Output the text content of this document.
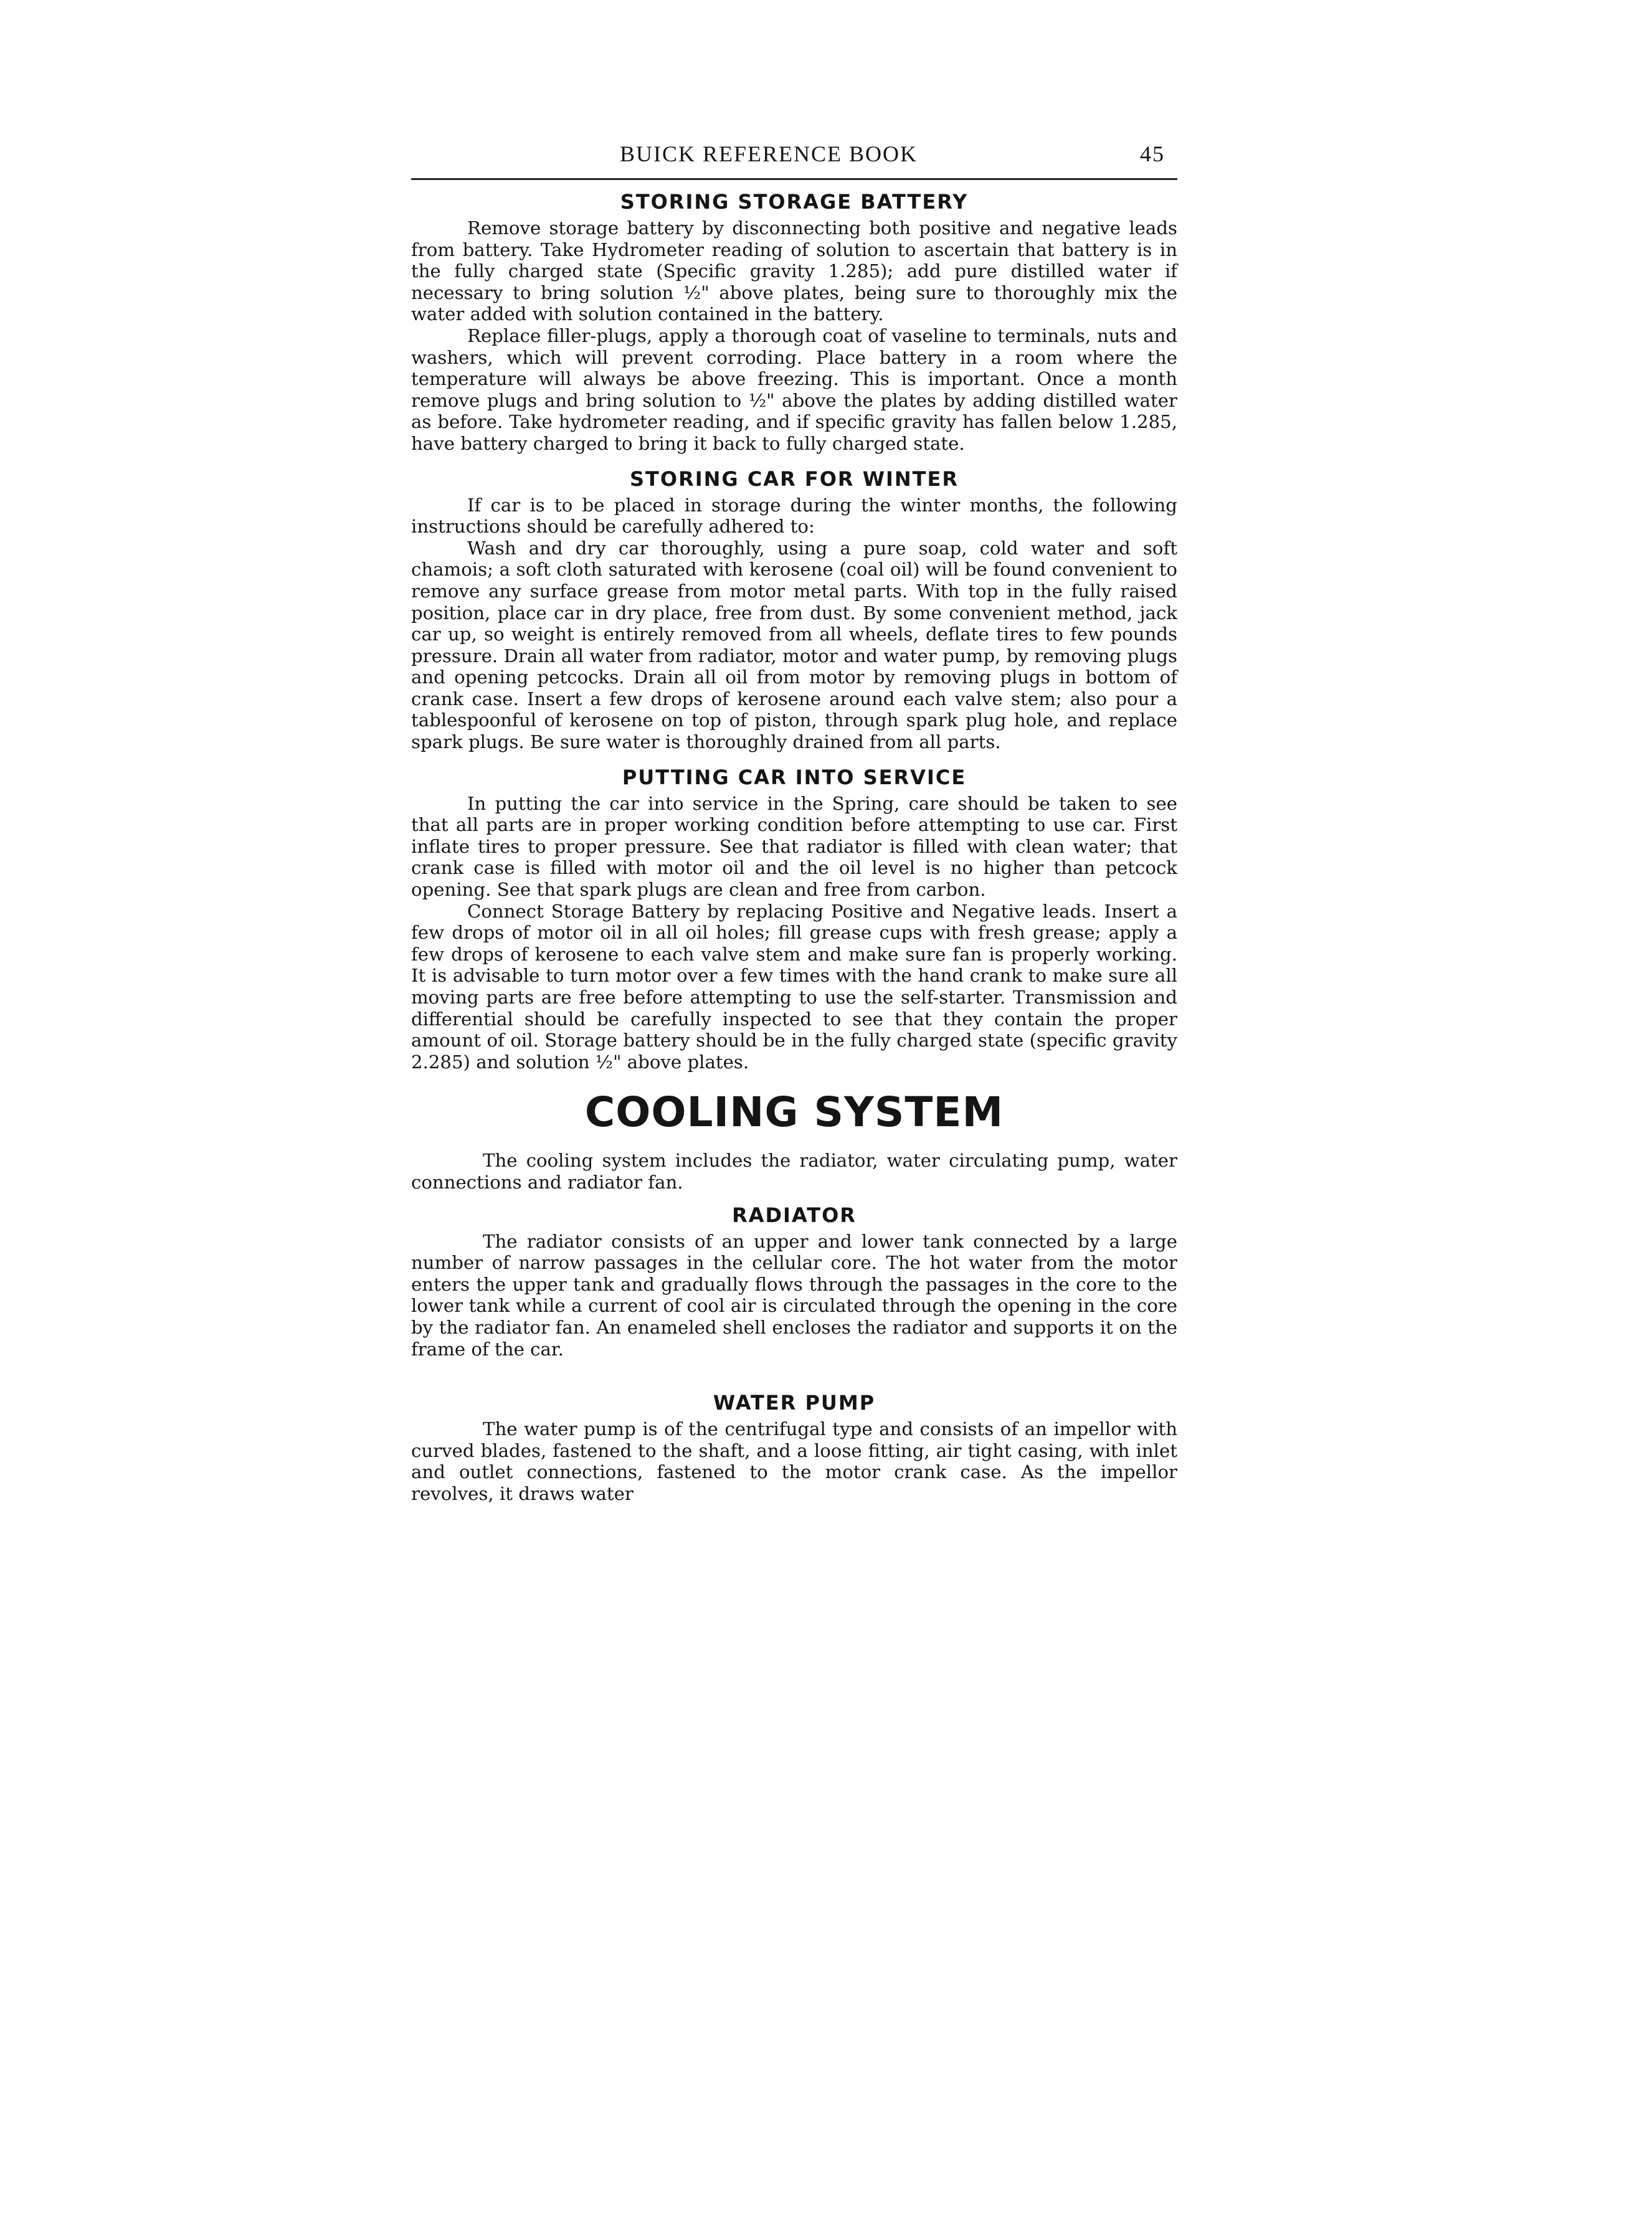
BUICK REFERENCE BOOK	45
STORING STORAGE BATTERY

Remove storage battery by disconnecting both positive and negative leads from battery. Take Hydrometer reading of solution to ascertain that battery is in the fully charged state (Specific gravity 1.285); add pure distilled water if necessary to bring solution ½" above plates, being sure to thoroughly mix the water added with solution contained in the battery.

Replace filler-plugs, apply a thorough coat of vaseline to terminals, nuts and washers, which will prevent corroding. Place battery in a room where the temperature will always be above freezing. This is important. Once a month remove plugs and bring solution to ½" above the plates by adding distilled water as before. Take hydrometer reading, and if specific gravity has fallen below 1.285, have battery charged to bring it back to fully charged state.

STORING CAR FOR WINTER

If car is to be placed in storage during the winter months, the following instructions should be carefully adhered to:

Wash and dry car thoroughly, using a pure soap, cold water and soft chamois; a soft cloth saturated with kerosene (coal oil) will be found convenient to remove any surface grease from motor metal parts. With top in the fully raised position, place car in dry place, free from dust. By some convenient method, jack car up, so weight is entirely removed from all wheels, deflate tires to few pounds pressure. Drain all water from radiator, motor and water pump, by removing plugs and opening petcocks. Drain all oil from motor by removing plugs in bottom of crank case. Insert a few drops of kerosene around each valve stem; also pour a tablespoonful of kerosene on top of piston, through spark plug hole, and replace spark plugs. Be sure water is thoroughly drained from all parts.

PUTTING CAR INTO SERVICE

In putting the car into service in the Spring, care should be taken to see that all parts are in proper working condition before attempting to use car. First inflate tires to proper pressure. See that radiator is filled with clean water; that crank case is filled with motor oil and the oil level is no higher than petcock opening. See that spark plugs are clean and free from carbon.

Connect Storage Battery by replacing Positive and Negative leads. Insert a few drops of motor oil in all oil holes; fill grease cups with fresh grease; apply a few drops of kerosene to each valve stem and make sure fan is properly working. It is advisable to turn motor over a few times with the hand crank to make sure all moving parts are free before attempting to use the self-starter. Transmission and differential should be carefully inspected to see that they contain the proper amount of oil. Storage battery should be in the fully charged state (specific gravity 2.285) and solution ½" above plates.

COOLING SYSTEM

The cooling system includes the radiator, water circulating pump, water connections and radiator fan.

RADIATOR

The radiator consists of an upper and lower tank connected by a large number of narrow passages in the cellular core. The hot water from the motor enters the upper tank and gradually flows through the passages in the core to the lower tank while a current of cool air is circulated through the opening in the core by the radiator fan. An enameled shell encloses the radiator and supports it on the frame of the car.

WATER PUMP

The water pump is of the centrifugal type and consists of an impellor with curved blades, fastened to the shaft, and a loose fitting, air tight casing, with inlet and outlet connections, fastened to the motor crank case. As the impellor revolves, it draws water
